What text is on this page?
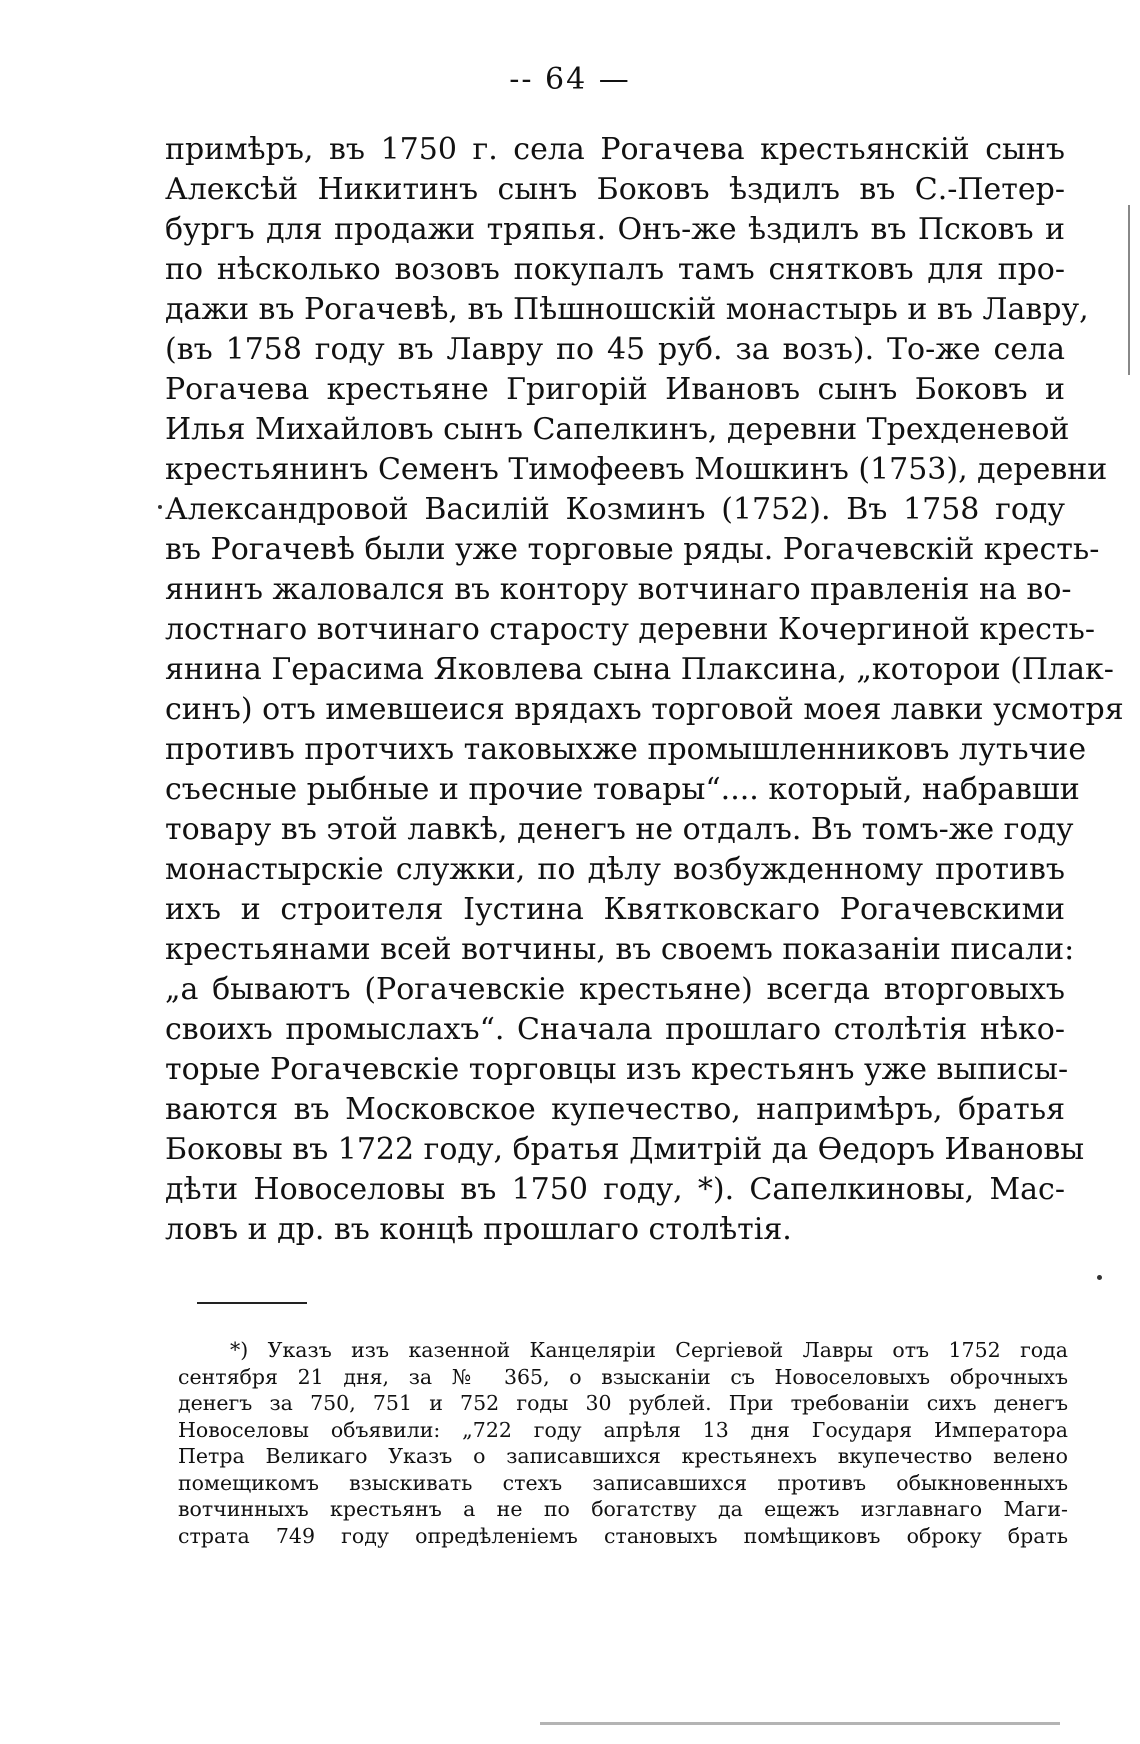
-- 64 —
примѣръ, въ 1750 г. села Рогачева крестьянскій сынъ
Алексѣй Никитинъ сынъ Боковъ ѣздилъ въ С.-Петер-
бургъ для продажи тряпья. Онъ-же ѣздилъ въ Псковъ и
по нѣсколько возовъ покупалъ тамъ снятковъ для про-
дажи въ Рогачевѣ, въ Пѣшношскій монастырь и въ Лавру,
(въ 1758 году въ Лавру по 45 руб. за возъ). То-же села
Рогачева крестьяне Григорій Ивановъ сынъ Боковъ и
Илья Михайловъ сынъ Сапелкинъ, деревни Трехденевой
крестьянинъ Семенъ Тимофеевъ Мошкинъ (1753), деревни
Александровой Василій Козминъ (1752). Въ 1758 году
въ Рогачевѣ были уже торговые ряды. Рогачевскій кресть-
янинъ жаловался въ контору вотчинаго правленія на во-
лостнаго вотчинаго старосту деревни Кочергиной кресть-
янина Герасима Яковлева сына Плаксина, „которои (Плак-
синъ) отъ имевшеися врядахъ торговой моея лавки усмотря
противъ протчихъ таковыхже промышленниковъ лутьчие
съесные рыбные и прочие товары“.... который, набравши
товару въ этой лавкѣ, денегъ не отдалъ. Въ томъ-же году
монастырскіе служки, по дѣлу возбужденному противъ
ихъ и строителя Іустина Квятковскаго Рогачевскими
крестьянами всей вотчины, въ своемъ показаніи писали:
„а бываютъ (Рогачевскіе крестьяне) всегда вторговыхъ
своихъ промыслахъ“. Сначала прошлаго столѣтія нѣко-
торые Рогачевскіе торговцы изъ крестьянъ уже выписы-
ваются въ Московское купечество, напримѣръ, братья
Боковы въ 1722 году, братья Дмитрій да Ѳедоръ Ивановы
дѣти Новоселовы въ 1750 году, *). Сапелкиновы, Мас-
ловъ и др. въ концѣ прошлаго столѣтія.
*) Указъ изъ казенной Канцеляріи Сергіевой Лавры отъ 1752 года
сентября 21 дня, за № 365, о взысканіи съ Новоселовыхъ оброчныхъ
денегъ за 750, 751 и 752 годы 30 рублей. При требованіи сихъ денегъ
Новоселовы объявили: „722 году апрѣля 13 дня Государя Императора
Петра Великаго Указъ о записавшихся крестьянехъ вкупечество велено
помещикомъ взыскивать стехъ записавшихся противъ обыкновенныхъ
вотчинныхъ крестьянъ а не по богатству да ещежъ изглавнаго Маги-
страта 749 году опредѣленіемъ становыхъ помѣщиковъ оброку брать
